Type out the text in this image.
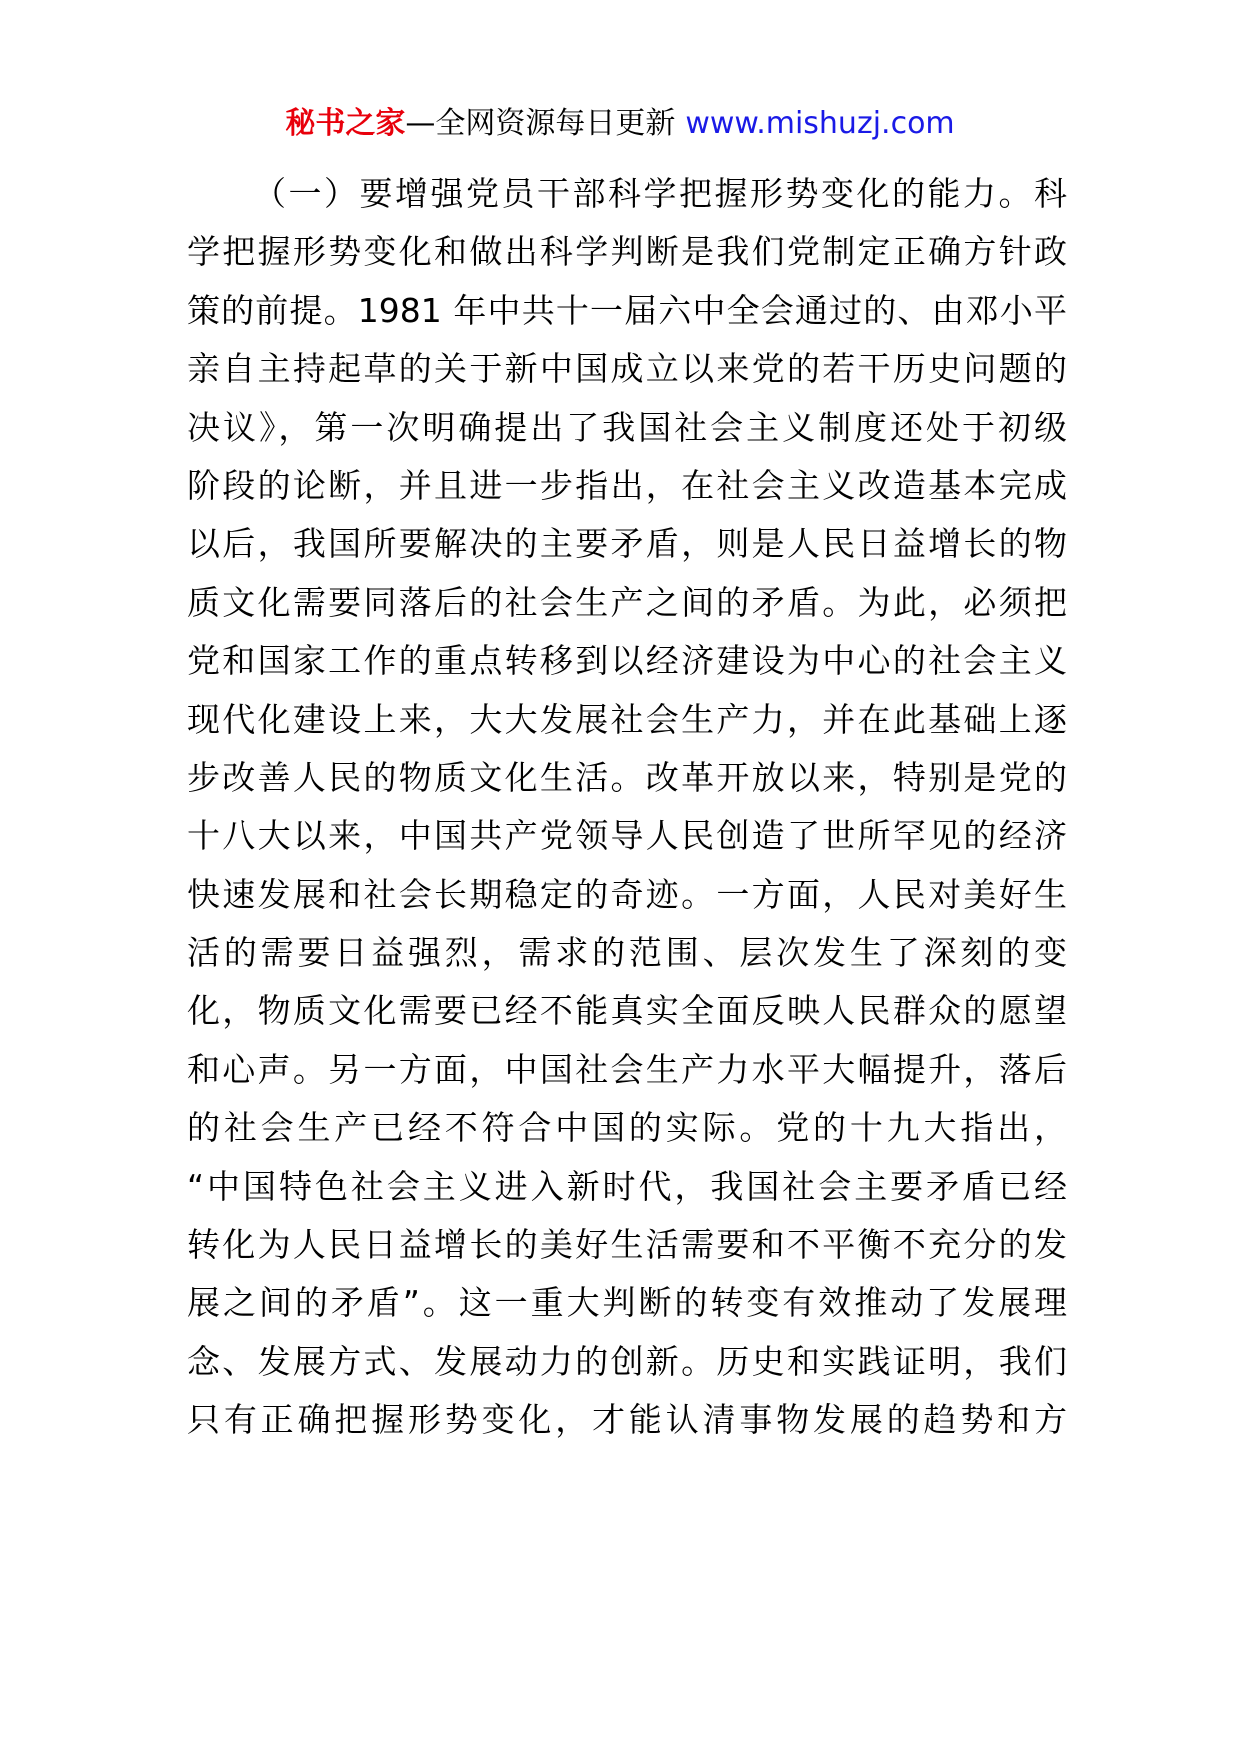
秘书之家—全网资源每日更新 www.mishuzj.com
（一）要增强党员干部科学把握形势变化的能力。科
学把握形势变化和做出科学判断是我们党制定正确方针政
策的前提。1981 年中共十一届六中全会通过的、由邓小平
亲自主持起草的关于新中国成立以来党的若干历史问题的
决议》，第一次明确提出了我国社会主义制度还处于初级
阶段的论断，并且进一步指出，在社会主义改造基本完成
以后，我国所要解决的主要矛盾，则是人民日益增长的物
质文化需要同落后的社会生产之间的矛盾。为此，必须把
党和国家工作的重点转移到以经济建设为中心的社会主义
现代化建设上来，大大发展社会生产力，并在此基础上逐
步改善人民的物质文化生活。改革开放以来，特别是党的
十八大以来，中国共产党领导人民创造了世所罕见的经济
快速发展和社会长期稳定的奇迹。一方面，人民对美好生
活的需要日益强烈，需求的范围、层次发生了深刻的变
化，物质文化需要已经不能真实全面反映人民群众的愿望
和心声。另一方面，中国社会生产力水平大幅提升，落后
的社会生产已经不符合中国的实际。党的十九大指出，
“中国特色社会主义进入新时代，我国社会主要矛盾已经
转化为人民日益增长的美好生活需要和不平衡不充分的发
展之间的矛盾”。这一重大判断的转变有效推动了发展理
念、发展方式、发展动力的创新。历史和实践证明，我们
只有正确把握形势变化，才能认清事物发展的趋势和方
